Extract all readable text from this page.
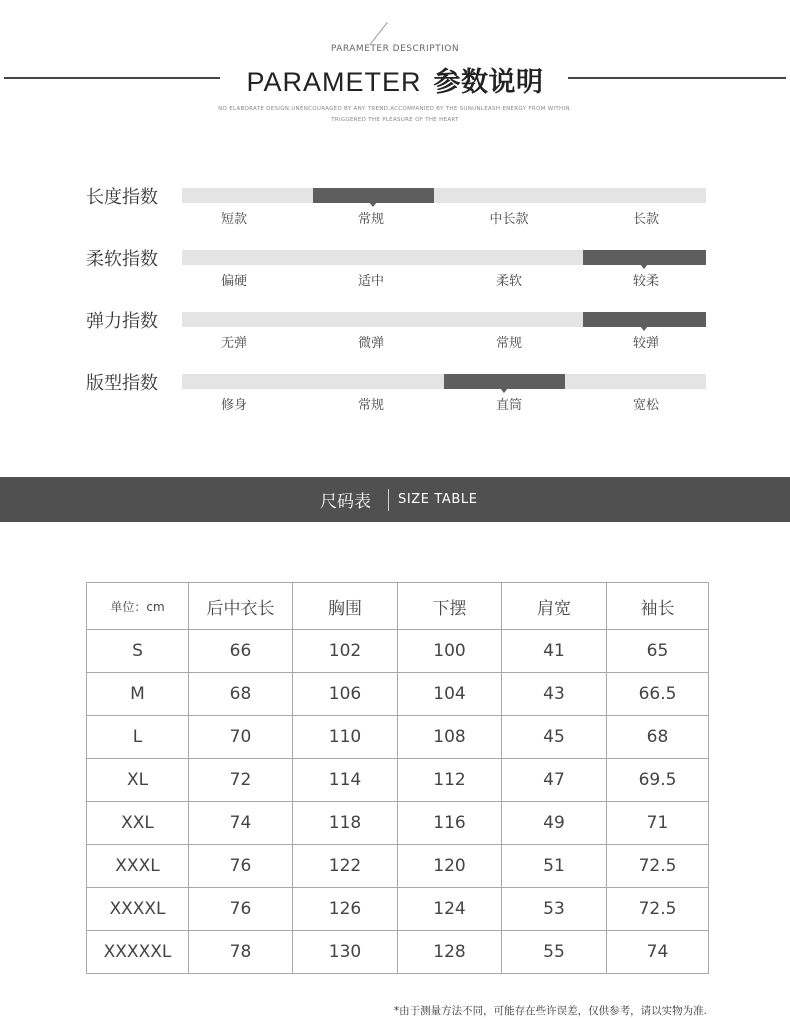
PARAMETER DESCRIPTION
PARAMETER 参数说明
NO ELABORATE DESIGN,UNENCOURAGED BY ANY TREND,ACCOMPANIED BY THE SUNUNLEASH ENERGY FROM WITHIN.
TRIGGERED THE PLEASURE OF THE HEART
长度指数
短款	常规	中长款	长款
柔软指数
偏硬	适中	柔软	较柔
弹力指数
无弹	微弹	常规	较弹
版型指数
修身	常规	直筒	宽松
尺码表 SIZE TABLE
单位：cm	后中衣长	胸围	下摆	肩宽	袖长
S	66	102	100	41	65
M	68	106	104	43	66.5
L	70	110	108	45	68
XL	72	114	112	47	69.5
XXL	74	118	116	49	71
XXXL	76	122	120	51	72.5
XXXXL	76	126	124	53	72.5
XXXXXL	78	130	128	55	74
*由于测量方法不同，可能存在些许误差，仅供参考，请以实物为准.
